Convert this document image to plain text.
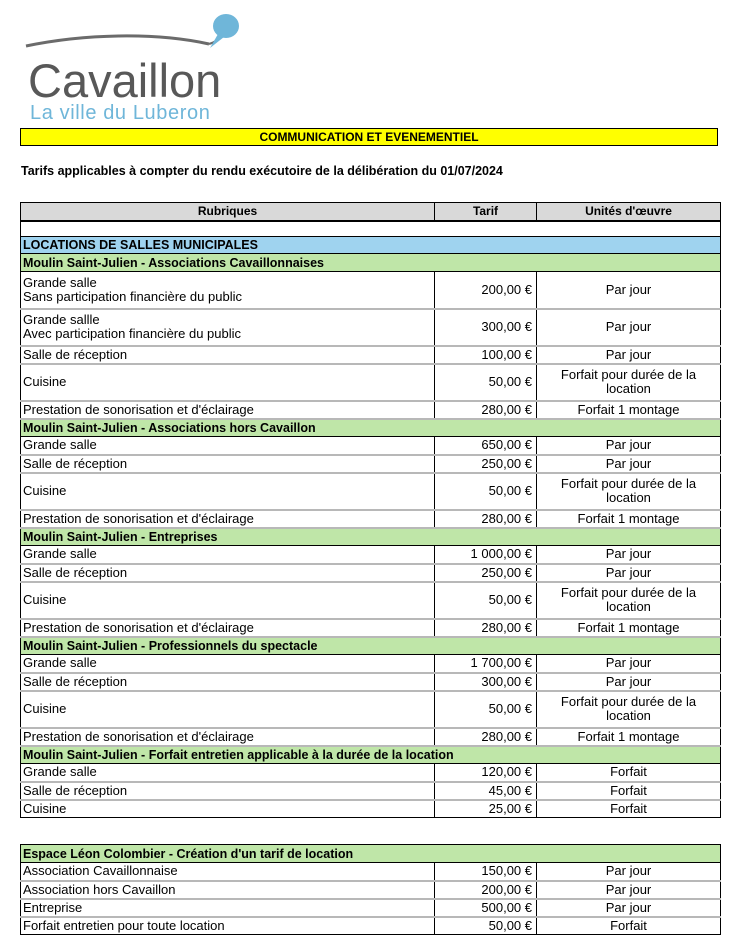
Cavaillon
La ville du Luberon
COMMUNICATION ET EVENEMENTIEL
Tarifs applicables à compter du rendu exécutoire de la délibération du 01/07/2024
Rubriques	Tarif	Unités d'œuvre

LOCATIONS DE SALLES MUNICIPALES		
Moulin Saint-Julien - Associations Cavaillonnaises		
Grande salle
Sans participation financière du public	200,00 €	Par jour
Grande sallle
Avec participation financière du public	300,00 €	Par jour
Salle de réception	100,00 €	Par jour
Cuisine	50,00 €	Forfait pour durée de la location
Prestation de sonorisation et d'éclairage	280,00 €	Forfait 1 montage
Moulin Saint-Julien - Associations hors Cavaillon		
Grande salle	650,00 €	Par jour
Salle de réception	250,00 €	Par jour
Cuisine	50,00 €	Forfait pour durée de la location
Prestation de sonorisation et d'éclairage	280,00 €	Forfait 1 montage
Moulin Saint-Julien - Entreprises		
Grande salle	1 000,00 €	Par jour
Salle de réception	250,00 €	Par jour
Cuisine	50,00 €	Forfait pour durée de la location
Prestation de sonorisation et d'éclairage	280,00 €	Forfait 1 montage
Moulin Saint-Julien - Professionnels du spectacle		
Grande salle	1 700,00 €	Par jour
Salle de réception	300,00 €	Par jour
Cuisine	50,00 €	Forfait pour durée de la location
Prestation de sonorisation et d'éclairage	280,00 €	Forfait 1 montage
Moulin Saint-Julien - Forfait entretien applicable à la durée de la location		
Grande salle	120,00 €	Forfait
Salle de réception	45,00 €	Forfait
Cuisine	25,00 €	Forfait
Espace Léon Colombier - Création d'un tarif de location		
Association Cavaillonnaise	150,00 €	Par jour
Association hors Cavaillon	200,00 €	Par jour
Entreprise	500,00 €	Par jour
Forfait entretien pour toute location	50,00 €	Forfait
